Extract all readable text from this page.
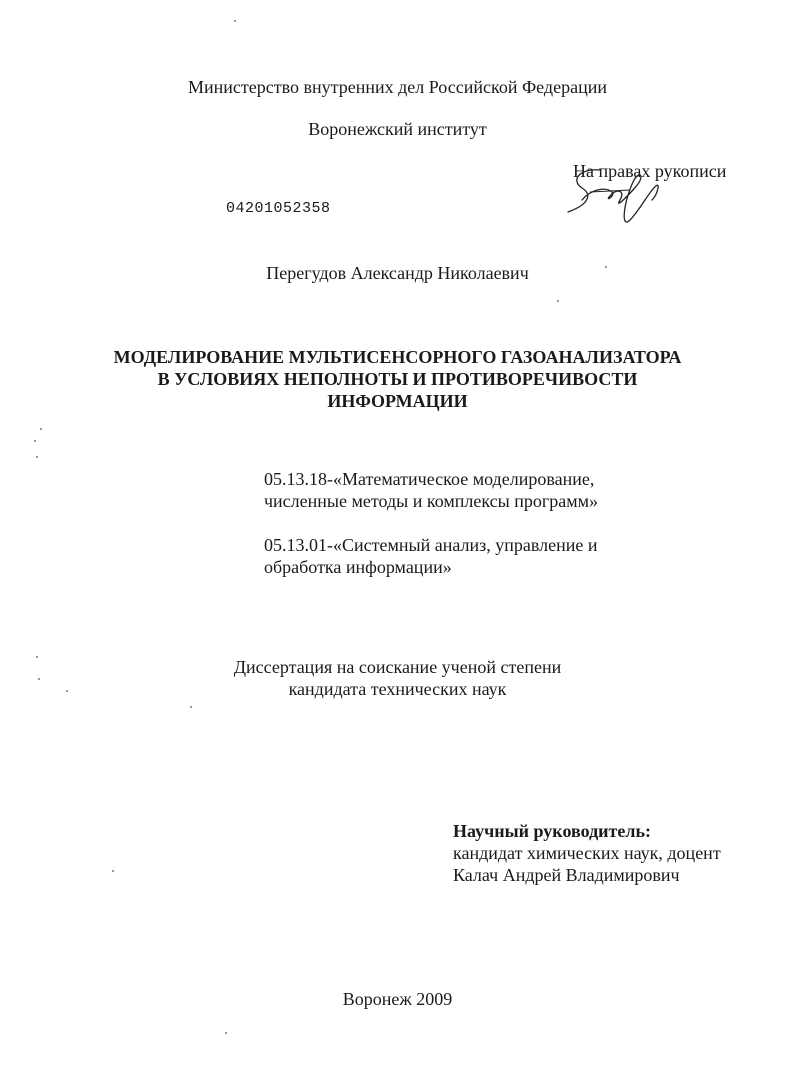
Министерство внутренних дел Российской Федерации
Воронежский институт
На правах рукописи
04201052358
Перегудов Александр Николаевич
МОДЕЛИРОВАНИЕ МУЛЬТИСЕНСОРНОГО ГАЗОАНАЛИЗАТОРА
В УСЛОВИЯХ НЕПОЛНОТЫ И ПРОТИВОРЕЧИВОСТИ
ИНФОРМАЦИИ
05.13.18-«Математическое моделирование,
численные методы и комплексы программ»
05.13.01-«Системный анализ, управление и
обработка информации»
Диссертация на соискание ученой степени
кандидата технических наук
Научный руководитель:
кандидат химических наук, доцент
Калач Андрей Владимирович
Воронеж 2009
